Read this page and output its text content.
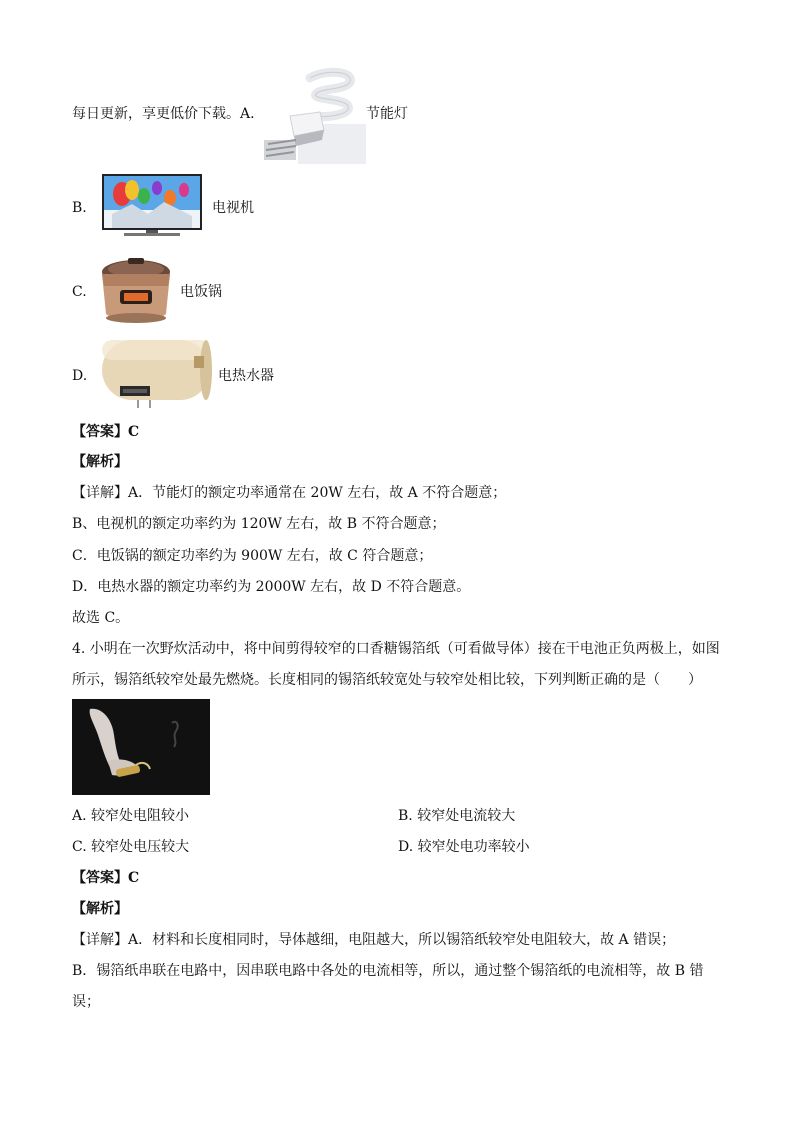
每日更新，享更低价下载。A.	节能灯
B.	电视机
C.	电饭锅
D.	电热水器
【答案】C
【解析】
【详解】A．节能灯的额定功率通常在 20W 左右，故 A 不符合题意；
B、电视机的额定功率约为 120W 左右，故 B 不符合题意；
C．电饭锅的额定功率约为 900W 左右，故 C 符合题意；
D．电热水器的额定功率约为 2000W 左右，故 D 不符合题意。
故选 C。
4. 小明在一次野炊活动中，将中间剪得较窄的口香糖锡箔纸（可看做导体）接在干电池正负两极上，如图
所示，锡箔纸较窄处最先燃烧。长度相同的锡箔纸较宽处与较窄处相比较，下列判断正确的是（　　）
A. 较窄处电阻较小	B. 较窄处电流较大
C. 较窄处电压较大	D. 较窄处电功率较小
【答案】C
【解析】
【详解】A．材料和长度相同时，导体越细，电阻越大，所以锡箔纸较窄处电阻较大，故 A 错误；
B．锡箔纸串联在电路中，因串联电路中各处的电流相等，所以，通过整个锡箔纸的电流相等，故 B 错
误；
